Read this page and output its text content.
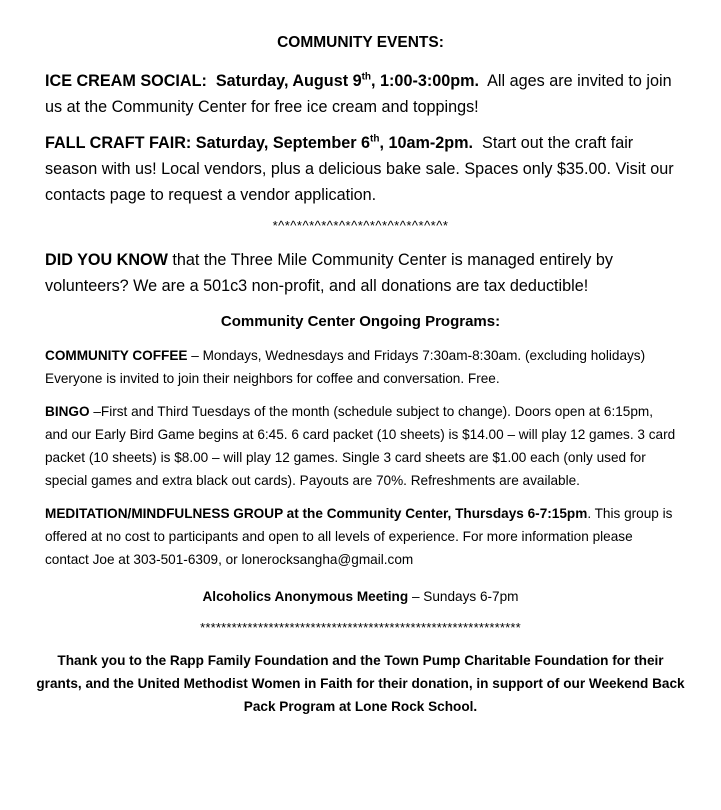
COMMUNITY EVENTS:

ICE CREAM SOCIAL: Saturday, August 9th, 1:00-3:00pm. All ages are invited to join us at the Community Center for free ice cream and toppings!

FALL CRAFT FAIR: Saturday, September 6th, 10am-2pm. Start out the craft fair season with us! Local vendors, plus a delicious bake sale. Spaces only $35.00. Visit our contacts page to request a vendor application.

*^*^*^*^*^*^*^*^*^*^*^*^*^*^*

DID YOU KNOW that the Three Mile Community Center is managed entirely by volunteers? We are a 501c3 non-profit, and all donations are tax deductible!

Community Center Ongoing Programs:

COMMUNITY COFFEE – Mondays, Wednesdays and Fridays 7:30am-8:30am. (excluding holidays) Everyone is invited to join their neighbors for coffee and conversation. Free.

BINGO –First and Third Tuesdays of the month (schedule subject to change). Doors open at 6:15pm, and our Early Bird Game begins at 6:45. 6 card packet (10 sheets) is $14.00 – will play 12 games. 3 card packet (10 sheets) is $8.00 – will play 12 games. Single 3 card sheets are $1.00 each (only used for special games and extra black out cards). Payouts are 70%. Refreshments are available.

MEDITATION/MINDFULNESS GROUP at the Community Center, Thursdays 6-7:15pm. This group is offered at no cost to participants and open to all levels of experience. For more information please contact Joe at 303-501-6309, or lonerocksangha@gmail.com

Alcoholics Anonymous Meeting – Sundays 6-7pm
*************************************************************

Thank you to the Rapp Family Foundation and the Town Pump Charitable Foundation for their grants, and the United Methodist Women in Faith for their donation, in support of our Weekend Back Pack Program at Lone Rock School.
